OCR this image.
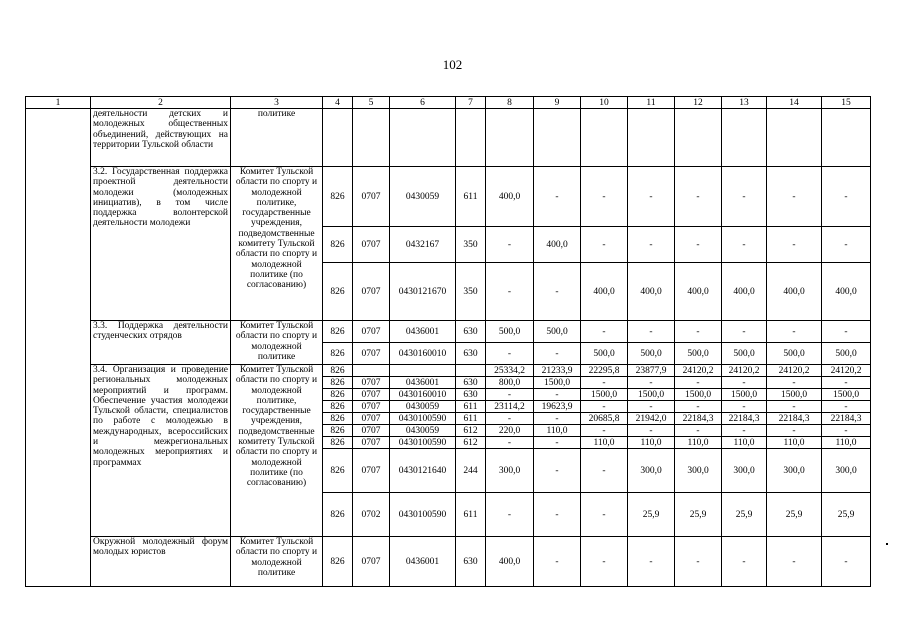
102
1	2	3	4	5	6	7	8	9	10	11	12	13	14	15
	деятельности детских и молодежных общественных объединений, действующих на территории Тульской области	политике												
	3.2. Государственная поддержка проектной деятельности молодежи (молодежных инициатив), в том числе поддержка волонтерской деятельности молодежи	Комитет Тульской области по спорту и молодежной политике, государственные учреждения, подведомственные комитету Тульской области по спорту и молодежной политике (по согласованию)	826	0707	0430059	611	400,0	-	-	-	-	-	-	-
			826	0707	0432167	350	-	400,0	-	-	-	-	-	-
			826	0707	0430121670	350	-	-	400,0	400,0	400,0	400,0	400,0	400,0
	3.3. Поддержка деятельности студенческих отрядов	Комитет Тульской области по спорту и молодежной политике	826	0707	0436001	630	500,0	500,0	-	-	-	-	-	-
			826	0707	0430160010	630	-	-	500,0	500,0	500,0	500,0	500,0	500,0
	3.4. Организация и проведение региональных молодежных мероприятий и программ. Обеспечение участия молодежи Тульской области, специалистов по работе с молодежью в международных, всероссийских и межрегиональных молодежных мероприятиях и программах	Комитет Тульской области по спорту и молодежной политике, государственные учреждения, подведомственные комитету Тульской области по спорту и молодежной политике (по согласованию)	826				25334,2	21233,9	22295,8	23877,9	24120,2	24120,2	24120,2	24120,2
			826	0707	0436001	630	800,0	1500,0	-	-	-	-	-	-
			826	0707	0430160010	630	-	-	1500,0	1500,0	1500,0	1500,0	1500,0	1500,0
			826	0707	0430059	611	23114,2	19623,9	-	-	-	-	-	-
			826	0707	0430100590	611	-	-	20685,8	21942,0	22184,3	22184,3	22184,3	22184,3
			826	0707	0430059	612	220,0	110,0	-	-	-	-	-	-
			826	0707	0430100590	612	-	-	110,0	110,0	110,0	110,0	110,0	110,0
			826	0707	0430121640	244	300,0	-	-	300,0	300,0	300,0	300,0	300,0
			826	0702	0430100590	611	-	-	-	25,9	25,9	25,9	25,9	25,9
	Окружной молодежный форум молодых юристов	Комитет Тульской области по спорту и молодежной политике	826	0707	0436001	630	400,0	-	-	-	-	-	-	-
